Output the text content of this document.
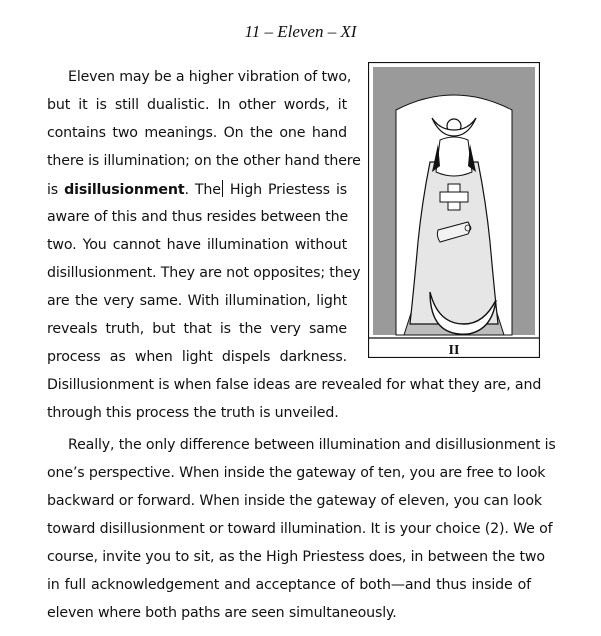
11 – Eleven – XI
Eleven may be a higher vibration of two,
but it is still dualistic. In other words, it
contains two meanings. On the one hand
there is illumination; on the other hand there
is disillusionment. The High Priestess is
aware of this and thus resides between the
two. You cannot have illumination without
disillusionment. They are not opposites; they
are the very same. With illumination, light
reveals truth, but that is the very same
process as when light dispels darkness.
Disillusionment is when false ideas are revealed for what they are, and
through this process the truth is unveiled.
Really, the only difference between illumination and disillusionment is
one’s perspective. When inside the gateway of ten, you are free to look
backward or forward. When inside the gateway of eleven, you can look
toward disillusionment or toward illumination. It is your choice (2). We of
course, invite you to sit, as the High Priestess does, in between the two
in full acknowledgement and acceptance of both—and thus inside of
eleven where both paths are seen simultaneously.
II
